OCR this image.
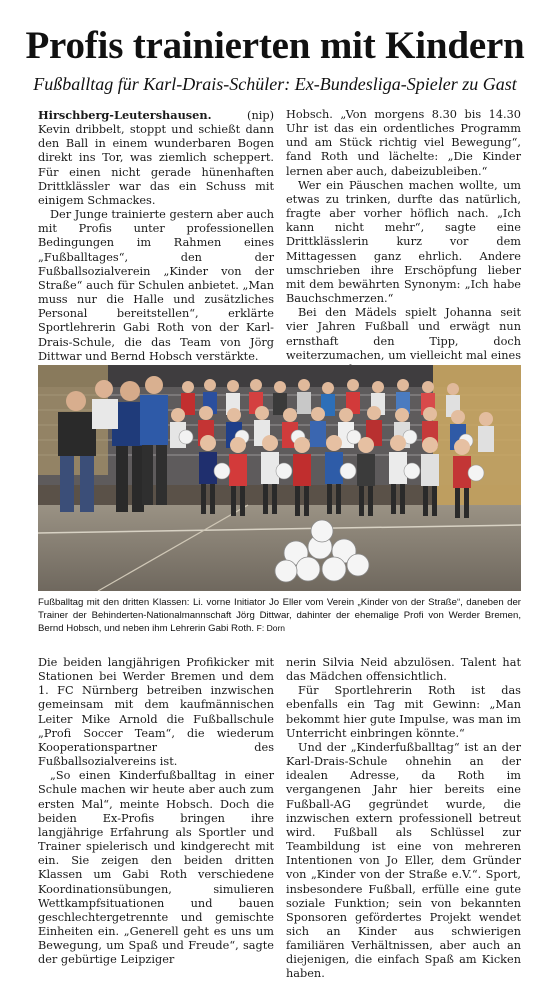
Profis trainierten mit Kindern
Fußballtag für Karl-Drais-Schüler: Ex-Bundesliga-Spieler zu Gast

Hirschberg-Leutershausen. (nip) Kevin dribbelt, stoppt und schießt dann den Ball in einem wunderbaren Bogen direkt ins Tor, was ziemlich scheppert. Für einen nicht gerade hünenhaften Drittklässler war das ein Schuss mit einigem Schmackes.

Der Junge trainierte gestern aber auch mit Profis unter professionellen Bedingungen im Rahmen eines „Fußballtages“, den der Fußballsozialverein „Kinder von der Straße“ auch für Schulen anbietet. „Man muss nur die Halle und zusätzliches Personal bereitstellen“, erklärte Sportlehrerin Gabi Roth von der Karl-Drais-Schule, die das Team von Jörg Dittwar und Bernd Hobsch verstärkte.

Hobsch. „Von morgens 8.30 bis 14.30 Uhr ist das ein ordentliches Programm und am Stück richtig viel Bewegung“, fand Roth und lächelte: „Die Kinder lernen aber auch, dabeizubleiben.“

Wer ein Päuschen machen wollte, um etwas zu trinken, durfte das natürlich, fragte aber vorher höflich nach. „Ich kann nicht mehr“, sagte eine Drittklässlerin kurz vor dem Mittagessen ganz ehrlich. Andere umschrieben ihre Erschöpfung lieber mit dem bewährten Synonym: „Ich habe Bauchschmerzen.“

Bei den Mädels spielt Johanna seit vier Jahren Fußball und erwägt nun ernsthaft den Tipp, doch weiterzumachen, um vielleicht mal eines

Fußballtag mit den dritten Klassen: Li. vorne Initiator Jo Eller vom Verein „Kinder von der Straße“, daneben der Trainer der Behinderten-Nationalmannschaft Jörg Dittwar, dahinter der ehemalige Profi von Werder Bremen, Bernd Hobsch, und neben ihm Lehrerin Gabi Roth. F: Dorn

Die beiden langjährigen Profikicker mit Stationen bei Werder Bremen und dem 1. FC Nürnberg betreiben inzwischen gemeinsam mit dem kaufmännischen Leiter Mike Arnold die Fußballschule „Profi Soccer Team“, die wiederum Kooperationspartner des Fußballsozialvereins ist.

„So einen Kinderfußballtag in einer Schule machen wir heute aber auch zum ersten Mal“, meinte Hobsch. Doch die beiden Ex-Profis bringen ihre langjährige Erfahrung als Sportler und Trainer spielerisch und kindgerecht mit ein. Sie zeigen den beiden dritten Klassen um Gabi Roth verschiedene Koordinationsübungen, simulieren Wettkampfsituationen und bauen geschlechtergetrennte und gemischte Einheiten ein. „Generell geht es uns um Bewegung, um Spaß und Freude“, sagte der gebürtige Leipziger

nerin Silvia Neid abzulösen. Talent hat das Mädchen offensichtlich.

Für Sportlehrerin Roth ist das ebenfalls ein Tag mit Gewinn: „Man bekommt hier gute Impulse, was man im Unterricht einbringen könnte.“

Und der „Kinderfußballtag“ ist an der Karl-Drais-Schule ohnehin an der idealen Adresse, da Roth im vergangenen Jahr hier bereits eine Fußball-AG gegründet wurde, die inzwischen extern professionell betreut wird. Fußball als Schlüssel zur Teambildung ist eine von mehreren Intentionen von Jo Eller, dem Gründer von „Kinder von der Straße e.V.“. Sport, insbesondere Fußball, erfülle eine gute soziale Funktion; sein von bekannten Sponsoren gefördertes Projekt wendet sich an Kinder aus schwierigen familiären Verhältnissen, aber auch an diejenigen, die einfach Spaß am Kicken haben.
